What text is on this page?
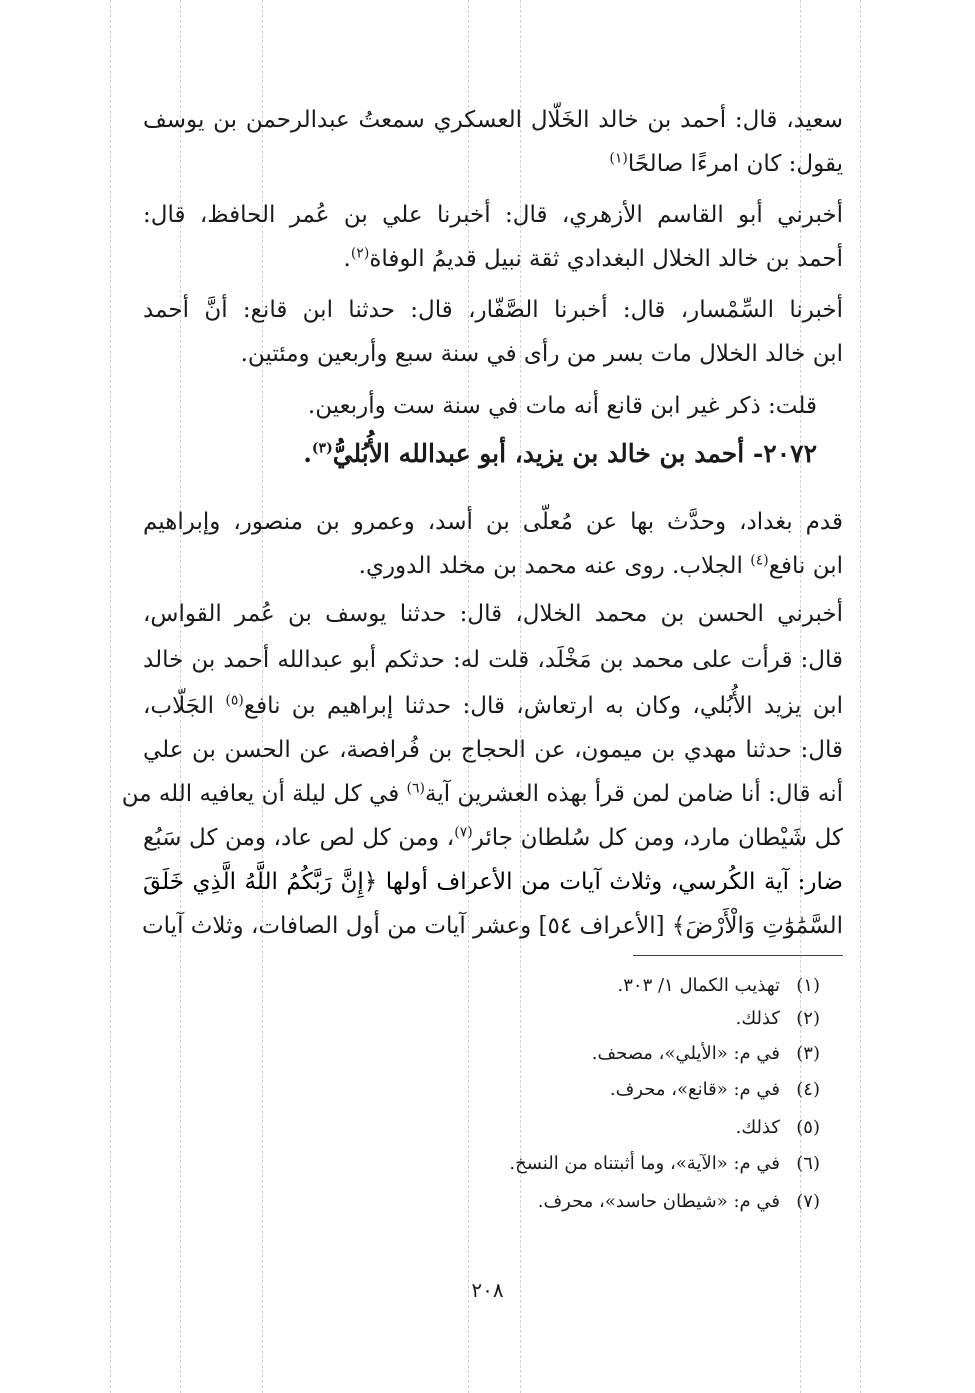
سعيد، قال: أحمد بن خالد الخَلّال العسكري سمعتُ عبدالرحمن بن يوسف
يقول: كان امرءًا صالحًا$^{(١)}$
أخبرني أبو القاسم الأزهري، قال: أخبرنا علي بن عُمر الحافظ، قال:
أحمد بن خالد الخلال البغدادي ثقة نبيل قديمُ الوفاة$^{(٢)}$.
أخبرنا السِّمْسار، قال: أخبرنا الصَّفّار، قال: حدثنا ابن قانع: أنَّ أحمد
ابن خالد الخلال مات بسر من رأى في سنة سبع وأربعين ومئتين.
قلت: ذكر غير ابن قانع أنه مات في سنة ست وأربعين.
٢٠٧٢- أحمد بن خالد بن يزيد، أبو عبدالله الأُبُليُّ$^{(٣)}$.
قدم بغداد، وحدَّث بها عن مُعلّى بن أسد، وعمرو بن منصور، وإبراهيم
ابن نافع$^{(٤)}$ الجلاب. روى عنه محمد بن مخلد الدوري.
أخبرني الحسن بن محمد الخلال، قال: حدثنا يوسف بن عُمر القواس،
قال: قرأت على محمد بن مَخْلَد، قلت له: حدثكم أبو عبدالله أحمد بن خالد
ابن يزيد الأُبُلي، وكان به ارتعاش، قال: حدثنا إبراهيم بن نافع$^{(٥)}$ الجَلّاب،
قال: حدثنا مهدي بن ميمون، عن الحجاج بن فُرافصة، عن الحسن بن علي
أنه قال: أنا ضامن لمن قرأ بهذه العشرين آية$^{(٦)}$ في كل ليلة أن يعافيه الله من
كل شَيْطان مارد، ومن كل سُلطان جائر$^{(٧)}$، ومن كل لص عاد، ومن كل سَبُع
ضار: آية الكُرسي، وثلاث آيات من الأعراف أولها ﴿إِنَّ رَبَّكُمُ اللَّهُ الَّذِي خَلَقَ
السَّمَٰوَٰتِ وَالْأَرْضَ﴾ [الأعراف ٥٤] وعشر آيات من أول الصافات، وثلاث آيات
(١)تهذيب الكمال ١/ ٣٠٣.
(٢)كذلك.
(٣)في م: «الأيلي»، مصحف.
(٤)في م: «قانع»، محرف.
(٥)كذلك.
(٦)في م: «الآية»، وما أثبتناه من النسخ.
(٧)في م: «شيطان حاسد»، محرف.
٢٠٨
